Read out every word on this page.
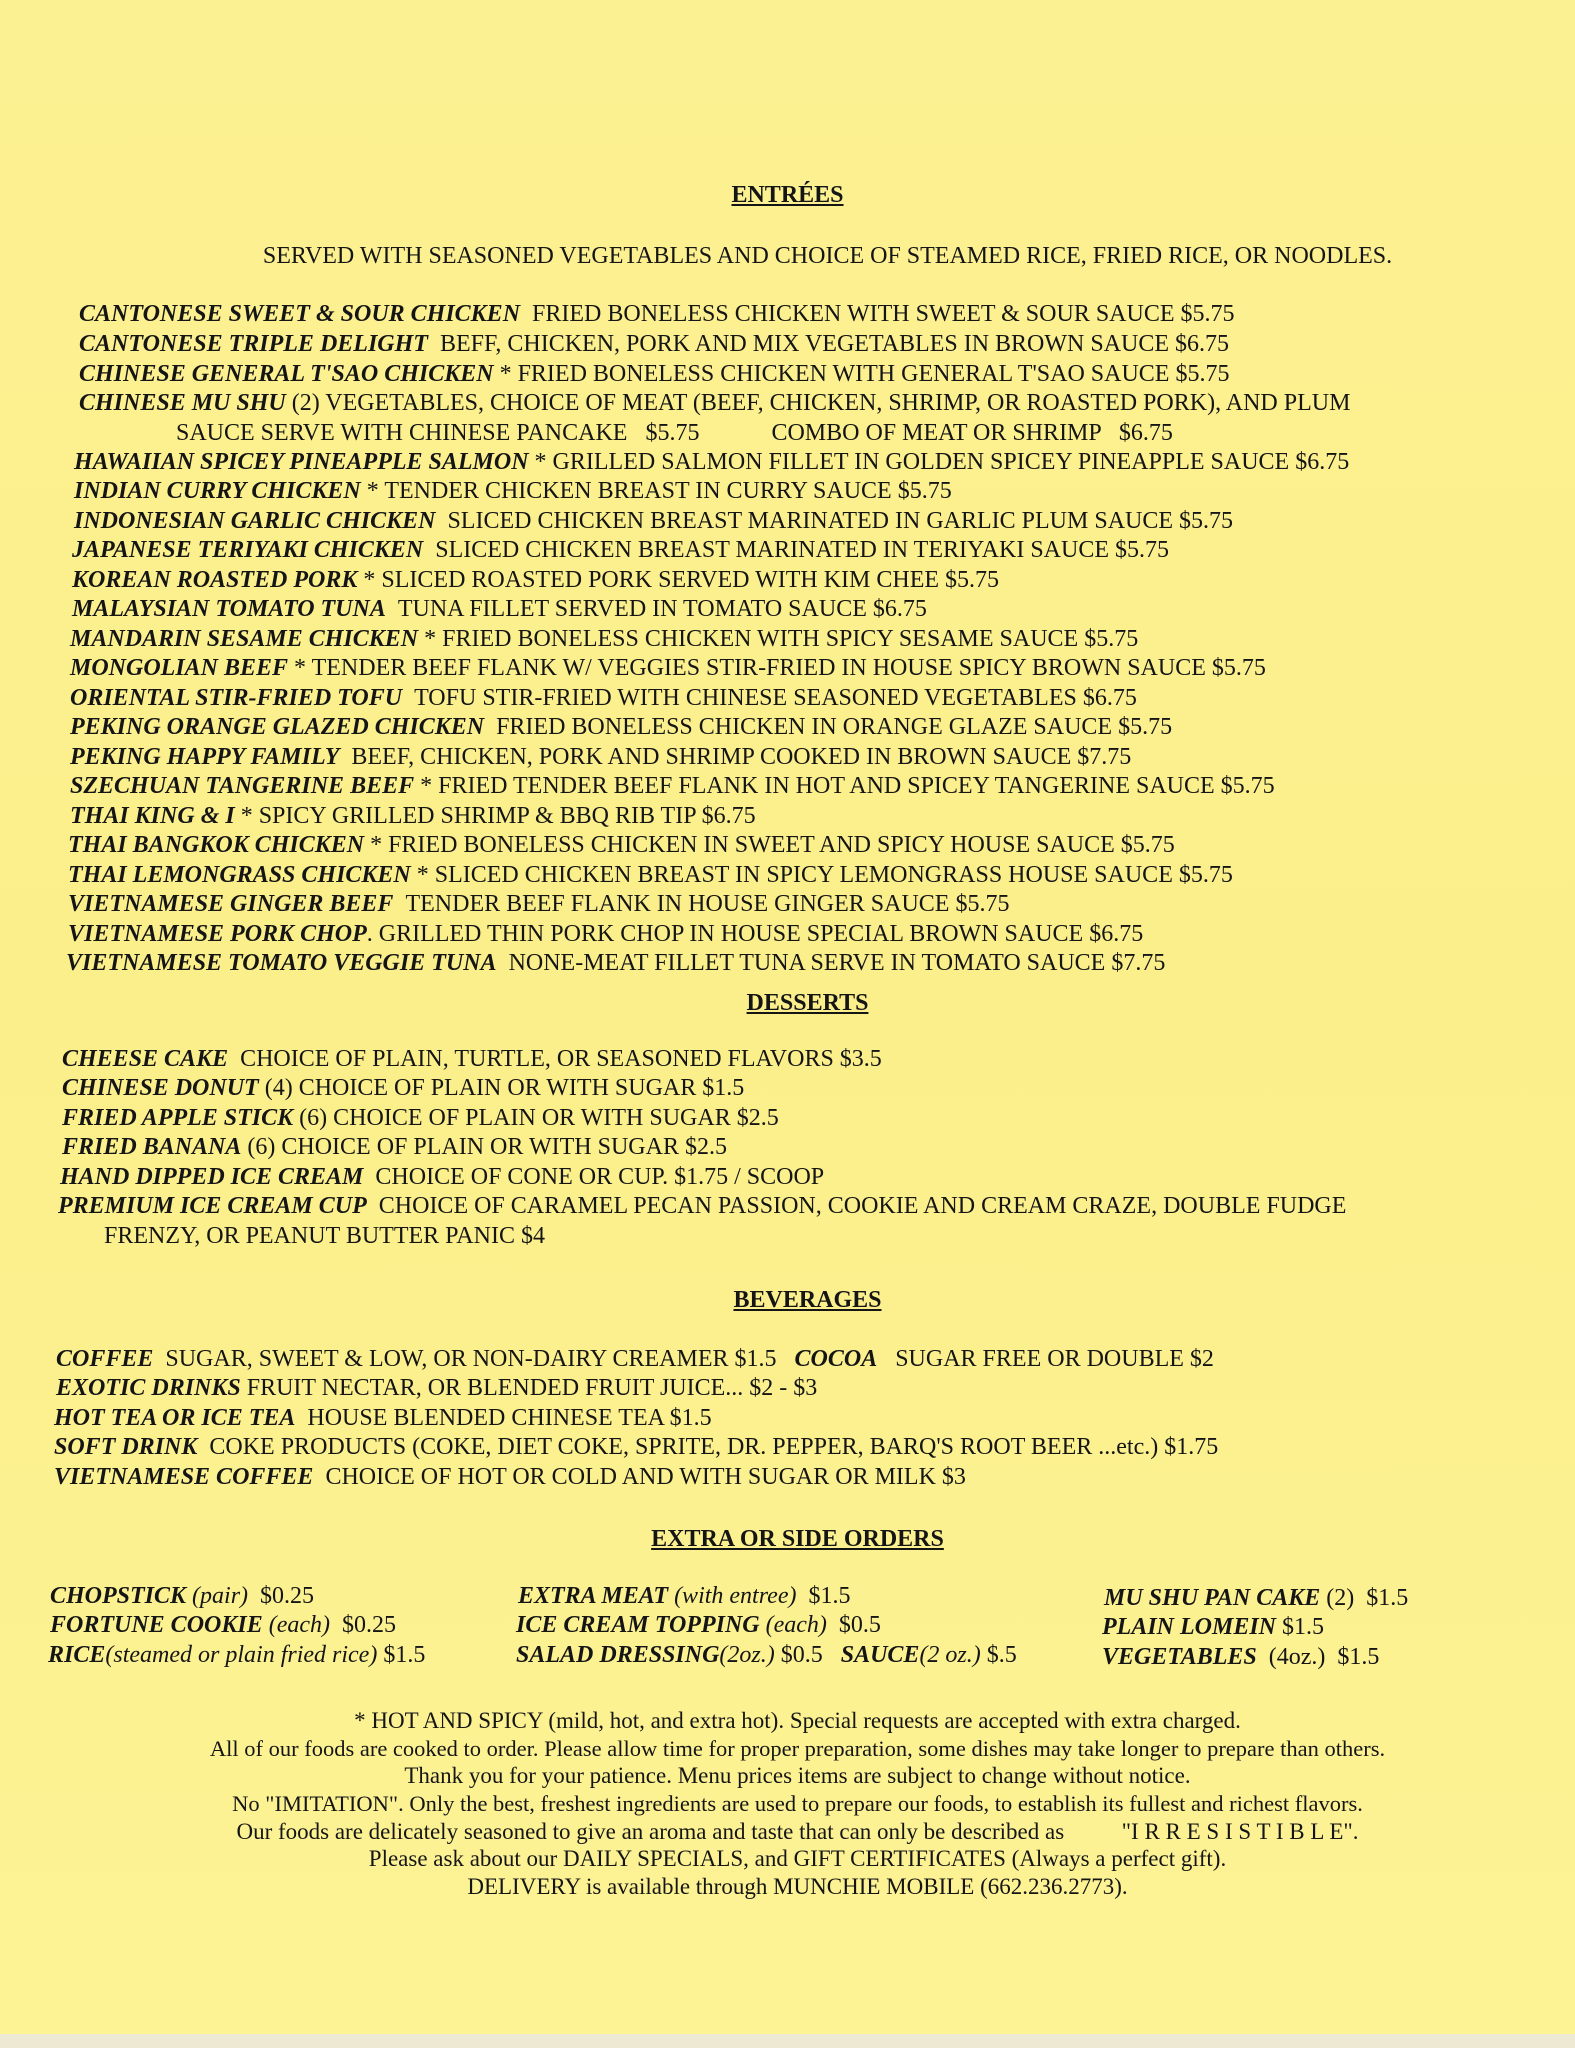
ENTRÉES
SERVED WITH SEASONED VEGETABLES AND CHOICE OF STEAMED RICE, FRIED RICE, OR NOODLES.
CANTONESE SWEET & SOUR CHICKEN FRIED BONELESS CHICKEN WITH SWEET & SOUR SAUCE $5.75
CANTONESE TRIPLE DELIGHT BEFF, CHICKEN, PORK AND MIX VEGETABLES IN BROWN SAUCE $6.75
CHINESE GENERAL T'SAO CHICKEN * FRIED BONELESS CHICKEN WITH GENERAL T'SAO SAUCE $5.75
CHINESE MU SHU (2) VEGETABLES, CHOICE OF MEAT (BEEF, CHICKEN, SHRIMP, OR ROASTED PORK), AND PLUM
SAUCE SERVE WITH CHINESE PANCAKE   $5.75            COMBO OF MEAT OR SHRIMP   $6.75
HAWAIIAN SPICEY PINEAPPLE SALMON * GRILLED SALMON FILLET IN GOLDEN SPICEY PINEAPPLE SAUCE $6.75
INDIAN CURRY CHICKEN * TENDER CHICKEN BREAST IN CURRY SAUCE $5.75
INDONESIAN GARLIC CHICKEN SLICED CHICKEN BREAST MARINATED IN GARLIC PLUM SAUCE $5.75
JAPANESE TERIYAKI CHICKEN SLICED CHICKEN BREAST MARINATED IN TERIYAKI SAUCE $5.75
KOREAN ROASTED PORK * SLICED ROASTED PORK SERVED WITH KIM CHEE $5.75
MALAYSIAN TOMATO TUNA TUNA FILLET SERVED IN TOMATO SAUCE $6.75
MANDARIN SESAME CHICKEN * FRIED BONELESS CHICKEN WITH SPICY SESAME SAUCE $5.75
MONGOLIAN BEEF * TENDER BEEF FLANK W/ VEGGIES STIR-FRIED IN HOUSE SPICY BROWN SAUCE $5.75
ORIENTAL STIR-FRIED TOFU TOFU STIR-FRIED WITH CHINESE SEASONED VEGETABLES $6.75
PEKING ORANGE GLAZED CHICKEN FRIED BONELESS CHICKEN IN ORANGE GLAZE SAUCE $5.75
PEKING HAPPY FAMILY BEEF, CHICKEN, PORK AND SHRIMP COOKED IN BROWN SAUCE $7.75
SZECHUAN TANGERINE BEEF * FRIED TENDER BEEF FLANK IN HOT AND SPICEY TANGERINE SAUCE $5.75
THAI KING & I * SPICY GRILLED SHRIMP & BBQ RIB TIP $6.75
THAI BANGKOK CHICKEN * FRIED BONELESS CHICKEN IN SWEET AND SPICY HOUSE SAUCE $5.75
THAI LEMONGRASS CHICKEN * SLICED CHICKEN BREAST IN SPICY LEMONGRASS HOUSE SAUCE $5.75
VIETNAMESE GINGER BEEF TENDER BEEF FLANK IN HOUSE GINGER SAUCE $5.75
VIETNAMESE PORK CHOP. GRILLED THIN PORK CHOP IN HOUSE SPECIAL BROWN SAUCE $6.75
VIETNAMESE TOMATO VEGGIE TUNA NONE-MEAT FILLET TUNA SERVE IN TOMATO SAUCE $7.75
DESSERTS
CHEESE CAKE CHOICE OF PLAIN, TURTLE, OR SEASONED FLAVORS $3.5
CHINESE DONUT (4) CHOICE OF PLAIN OR WITH SUGAR $1.5
FRIED APPLE STICK (6) CHOICE OF PLAIN OR WITH SUGAR $2.5
FRIED BANANA (6) CHOICE OF PLAIN OR WITH SUGAR $2.5
HAND DIPPED ICE CREAM CHOICE OF CONE OR CUP. $1.75 / SCOOP
PREMIUM ICE CREAM CUP CHOICE OF CARAMEL PECAN PASSION, COOKIE AND CREAM CRAZE, DOUBLE FUDGE
FRENZY, OR PEANUT BUTTER PANIC $4
BEVERAGES
COFFEE SUGAR, SWEET & LOW, OR NON-DAIRY CREAMER $1.5 COCOA SUGAR FREE OR DOUBLE $2
EXOTIC DRINKS FRUIT NECTAR, OR BLENDED FRUIT JUICE... $2 - $3
HOT TEA OR ICE TEA HOUSE BLENDED CHINESE TEA $1.5
SOFT DRINK COKE PRODUCTS (COKE, DIET COKE, SPRITE, DR. PEPPER, BARQ'S ROOT BEER ...etc.) $1.75
VIETNAMESE COFFEE CHOICE OF HOT OR COLD AND WITH SUGAR OR MILK $3
EXTRA OR SIDE ORDERS
CHOPSTICK (pair) $0.25
FORTUNE COOKIE (each) $0.25
RICE(steamed or plain fried rice) $1.5
EXTRA MEAT (with entree) $1.5
ICE CREAM TOPPING (each) $0.5
SALAD DRESSING(2oz.) $0.5 SAUCE(2 oz.) $.5
MU SHU PAN CAKE (2) $1.5
PLAIN LOMEIN $1.5
VEGETABLES (4oz.) $1.5
* HOT AND SPICY (mild, hot, and extra hot). Special requests are accepted with extra charged.
All of our foods are cooked to order. Please allow time for proper preparation, some dishes may take longer to prepare than others.
Thank you for your patience. Menu prices items are subject to change without notice.
No "IMITATION". Only the best, freshest ingredients are used to prepare our foods, to establish its fullest and richest flavors.
Our foods are delicately seasoned to give an aroma and taste that can only be described as          "I R R E S I S T I B L E".
Please ask about our DAILY SPECIALS, and GIFT CERTIFICATES (Always a perfect gift).
DELIVERY is available through MUNCHIE MOBILE (662.236.2773).
